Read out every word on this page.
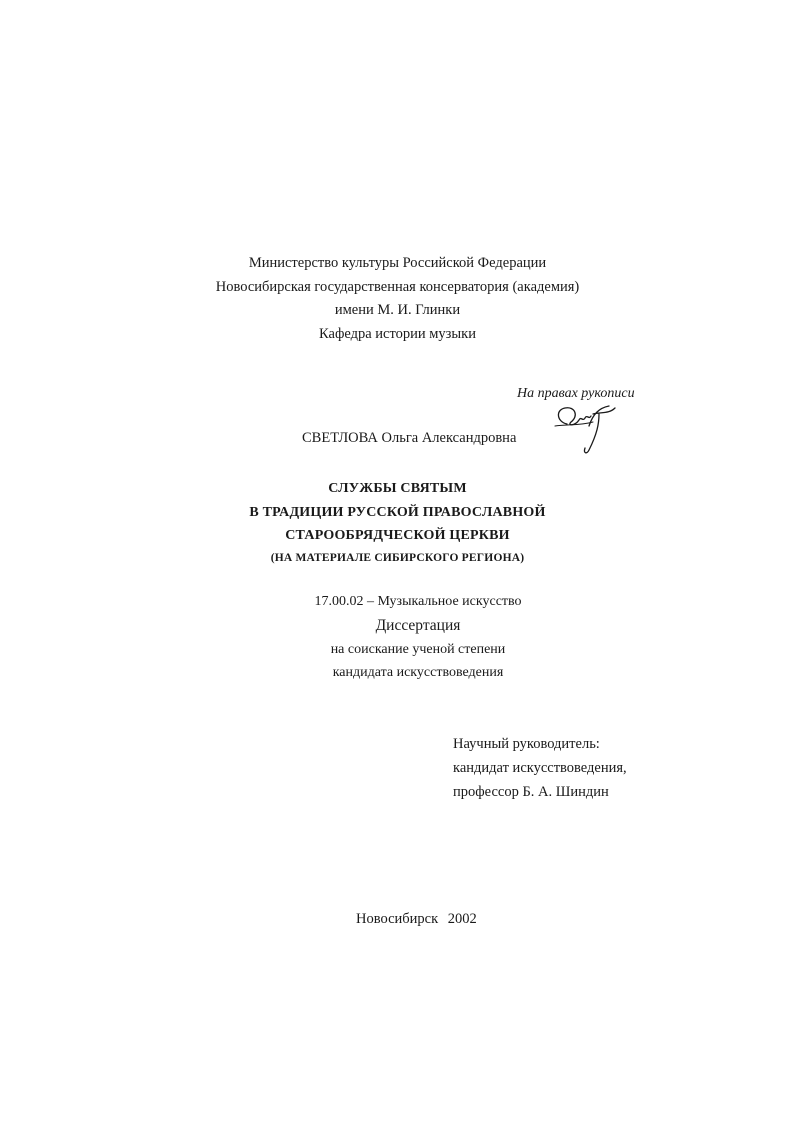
Министерство культуры Российской Федерации
Новосибирская государственная консерватория (академия)
имени М. И. Глинки
Кафедра истории музыки
На правах рукописи
СВЕТЛОВА Ольга Александровна
СЛУЖБЫ СВЯТЫМ
В ТРАДИЦИИ РУССКОЙ ПРАВОСЛАВНОЙ
СТАРООБРЯДЧЕСКОЙ ЦЕРКВИ
(НА МАТЕРИАЛЕ СИБИРСКОГО РЕГИОНА)
17.00.02 – Музыкальное искусство
Диссертация
на соискание ученой степени
кандидата искусствоведения
Научный руководитель:
кандидат искусствоведения,
профессор Б. А. Шиндин
Новосибирск 2002
